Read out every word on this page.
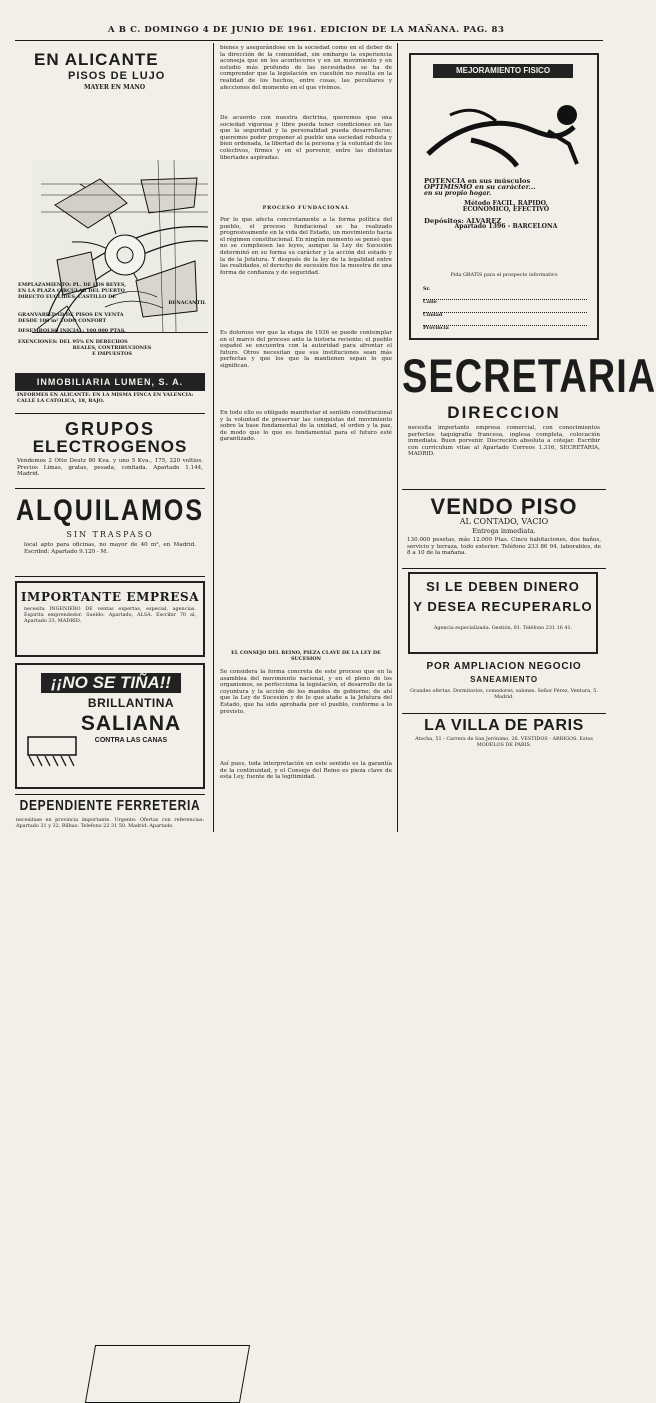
A B C. DOMINGO 4 DE JUNIO DE 1961. EDICION DE LA MAÑANA. PAG. 83
EN ALICANTE
PISOS DE LUJO
MAYER EN MANO
EMPLAZAMIENTO: PL. DE LOS REYES,
EN LA PLAZA CIRCULAR DEL PUERTO
DIRECTO EUCLIDES, CASTILLO DE
BENACANTIL
GRANVARIEDAD DE PISOS EN VENTA
DESDE 100 m² TODO CONFORT
DESEMBOLSO INICIAL: 100,000 PTAS.
EXENCIONES: DEL 95% EN DERECHOS
REALES, CONTRIBUCIONES
E IMPUESTOS
INMOBILIARIA LUMEN, S. A.
INFORMES EN ALICANTE: EN LA MISMA FINCA EN VALENCIA: CALLE LA CATOLICA, 18, BAJO.
GRUPOS
ELECTROGENOS
Vendemos 2 Otto Deutz 80 Kva. y uno 5 Kva., 175, 220 voltios. Precios Limas, gratas, pesada, confiada. Apartado 1.144, Madrid.
ALQUILAMOS
SIN TRASPASO
local apto para oficinas, no mayor de 40 m², en Madrid. Escribid: Apartado 9.120 - M.
IMPORTANTE EMPRESA
necesita INGENIERO DE ventas expertas, especial, agencias. Espiritu emprendedor. Sueldo: Apartado, ALSA. Escribir 70 al, Apartado 33, MADRID.
¡¡NO SE TIÑA!!
BRILLANTINA
SALIANA
CONTRA LAS CANAS
DEPENDIENTE FERRETERIA
necesitase en provincia importante. Urgente: Ofertas con referencias: Apartado 31 y 32, Bilbao. Telefono 22 31 50. Madrid: Apartado.
bienes y asegurándose en la sociedad como en el deber de la dirección de la comunidad, sin embargo la experiencia aconseja que en los aconteceres y en un movimiento y en estudio más profundo de las necesidades se ha de comprender que la legislación en cuestión no resulta en la realidad de los hechos, entre cosas, las peculiares y afecciones del momento en el que vivimos.
De acuerdo con nuestra doctrina, queremos que una sociedad vigorosa y libre pueda tener condiciones en las que la seguridad y la personalidad pueda desarrollarse; queremos poder proponer al pueblo una sociedad robusta y bien ordenada, la libertad de la persona y la voluntad de los colectivos, firmes y en el porvenir, entre las distintas libertades aspiradas.
PROCESO FUNDACIONAL
Por lo que afecta concretamente a la forma política del pueblo, el proceso fundacional se ha realizado progresivamente en la vida del Estado, un movimiento hacia el régimen constitucional. En ningún momento se pensó que no se cumpliesen las leyes, aunque la Ley de Sucesión determinó en su forma su carácter y la acción del estado y la de la Jefatura. Y después de la ley de la legalidad entre las realidades, el derecho de sucesión fue la muestra de una forma de confianza y de seguridad.
Es doloroso ver que la etapa de 1936 se puede contemplar en el marco del proceso ante la historia reciente; el pueblo español se encuentra con la autoridad para afrontar el futuro. Otros necesitan que sus instituciones sean más perfectas y que los que la mantienen sepan lo que significan.
En todo ello es obligado manifestar el sentido constitucional y la voluntad de preservar las conquistas del movimiento sobre la base fundamental de la unidad, el orden y la paz, de modo que lo que es fundamental para el futuro esté garantizado.
EL CONSEJO DEL REINO, PIEZA CLAVE DE LA LEY DE SUCESION
Se considera la forma concreta de este proceso que en la asamblea del movimiento nacional, y en el pleno de los organismos, se perfecciona la legislación, el desarrollo de la coyuntura y la acción de los mandos de gobierno; de ahí que la Ley de Sucesión y de lo que atañe a la Jefatura del Estado, que ha sido aprobada por el pueblo, conforme a lo previsto.
Así pues, toda interpretación en este sentido es la garantía de la continuidad, y el Consejo del Reino es pieza clave de esta Ley, fuente de la legitimidad.
MEJORAMIENTO FISICO
POTENCIA en sus músculos
OPTIMISMO en su carácter...
en su propio hogar.
Método FACIL, RAPIDO,
ECONOMICO, EFECTIVO
Depósitos: ALVAREZ
Apartado 1396 - BARCELONA
Pida GRATIS para el prospecto informativo
Sr.
Calle
Ciudad
Provincia
SECRETARIA
DIRECCION
necesita importante empresa comercial, con conocimientos perfectos taquigrafía francesa, inglesa completa, colocación inmediata. Buen porvenir. Discreción absoluta a cotejar. Escribir con curriculum vitae al Apartado Correos 1.316, SECRETARIA, MADRID.
VENDO PISO
AL CONTADO, VACIO
Entrega inmediata.
130.000 pesetas, más 12.000 Ptas. Cinco habitaciones, dos baños, servicio y terraza, todo exterior. Teléfono 233 86 94, laborables, de 8 a 10 de la mañana.
SI LE DEBEN DINERO
Y DESEA RECUPERARLO
Agencia especializada. Gestión, 81. Teléfono 231 16 41.
POR AMPLIACION NEGOCIO
SANEAMIENTO
Grandes ofertas. Dormitorios, comedores, salones. Señor Pérez, Ventura, 5. Madrid.
LA VILLA DE PARIS
Atocha, 51 - Carrera de San Jerónimo, 26. VESTIDOS - ABRIGOS. Estos MODELOS DE PARIS.
